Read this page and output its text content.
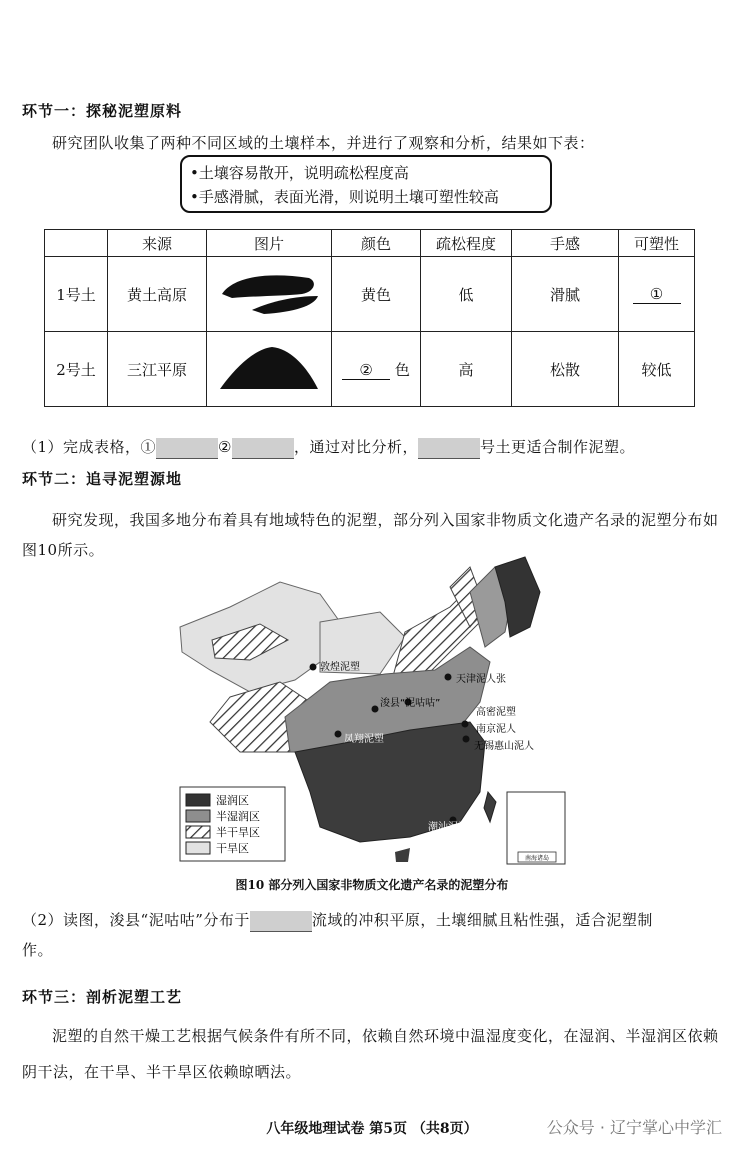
环节一：探秘泥塑原料
研究团队收集了两种不同区域的土壤样本，并进行了观察和分析，结果如下表：
•土壤容易散开，说明疏松程度高
•手感滑腻，表面光滑，则说明土壤可塑性较高
	来源	图片	颜色	疏松程度	手感	可塑性
1号土	黄土高原		黄色	低	滑腻	①
2号土	三江平原		② 色	高	松散	较低
（1）完成表格，①	②	，通过对比分析，	号土更适合制作泥塑。
环节二：追寻泥塑源地
研究发现，我国多地分布着具有地域特色的泥塑，部分列入国家非物质文化遗产名录的泥塑分布如图10所示。
南海诸岛
敦煌泥塑
天津泥人张
浚县“泥咕咕”
高密泥塑
南京泥人
凤翔泥塑
无锡惠山泥人
潮汕泥塑
湿润区
半湿润区
半干旱区
干旱区
图10 部分列入国家非物质文化遗产名录的泥塑分布
（2）读图，浚县“泥咕咕”分布于	流域的冲积平原，土壤细腻且粘性强，适合泥塑制
作。
环节三：剖析泥塑工艺
泥塑的自然干燥工艺根据气候条件有所不同，依赖自然环境中温湿度变化，在湿润、半湿润区依赖阴干法，在干旱、半干旱区依赖晾晒法。
八年级地理试卷 第5页 （共8页）	公众号 · 辽宁掌心中学汇
